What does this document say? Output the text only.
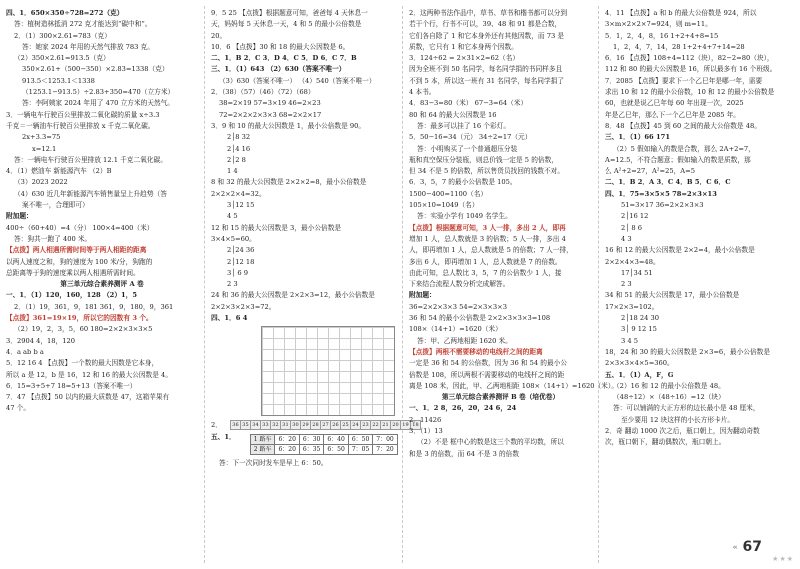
四、1．650×350÷728=272（克）
答：植树造林抵消 272 克才能达到“碳中和”。
2．（1）300×2.61=783（克）
答：她家 2024 年用的天然气排放 783 克。
（2）350×2.61=913.5（克）
350×2.61+（500−350）×2.83=1338（克）
913.5＜1253.1＜1338
（1253.1−913.5）÷2.83+350=470（立方米）
答：李阿姨家 2024 年用了 470 立方米的天然气。
3．一辆电车行驶百公里排放二氧化碳的质量 x÷3.3
千克＝一辆油车行驶百公里排放 x 千克二氧化碳。
2x+3.3=75
x=12.1
答：一辆电车行驶百公里排放 12.1 千克二氧化碳。
4．（1）燃油车 新能源汽车 （2）B
（3）2023 2022
（4）630 近几年新能源汽车销售量呈上升趋势（答
案不唯一，合理即可）
附加题：
400÷（60+40）=4（分） 100×4=400（米）
答：狗共一跑了 400 米。
【点拨】两人相遇所需时间等于两人相距的距离
以两人速度之和，狗的速度为 100 米/分，狗跑的
总距离等于狗的速度乘以两人相遇所需时间。
第三单元综合素养测评 A 卷
一、1．（1）120，160，128 （2）1，5
2．（1）19，361，9，181 361，9，180，9，361
【点拨】361=19×19，所以它的因数有 3 个。
（2）19，2，3，5，60 180=2×2×3×3×5
3．2904 4，18，120
4．a ab b a
5．12 16 4 【点拨】一个数的最大因数是它本身，
所以 a 是 12，b 是 16，12 和 16 的最大公因数是 4。
6．15=3+5+7 18=5+13（答案不唯一）
7．47 【点拨】50 以内的最大质数是 47，这箱苹果有
47 个。
9．5 25 【点拨】根据题意可知，爸爸每 4 天休息一
天，妈妈每 5 天休息一天，4 和 5 的最小公倍数是
20。
10．6 【点拨】30 和 18 的最大公因数是 6。
二、1．B 2．C 3．D 4．C 5．D 6．C 7．B
三、1．（1）643 （2）630（答案不唯一）
（3）630（答案不唯一） （4）540（答案不唯一）
2．（38）（57）（46）（72）（68）
38=2×19 57=3×19 46=2×23
72=2×2×2×3×3 68=2×2×17
3．9 和 10 的最大公因数是 1，最小公倍数是 90。
2│8 32
2│4 16
2│2 8
1 4
8 和 32 的最大公因数是 2×2×2=8，最小公倍数是
2×2×2×4=32。
3│12 15
4 5
12 和 15 的最大公因数是 3，最小公倍数是
3×4×5=60。
2│24 36
2│12 18
3│ 6 9
2 3
24 和 36 的最大公因数是 2×2×3=12，最小公倍数是
2×2×3×2×3=72。
四、1．6 4
2．	36 35 34 33 32 31 30 29 28 27 26 25 24 23 22 21 20 19 18
五、1．	1 路车	6：20	6：30	6：40	6：50	7：00
2 路车	6：20	6：35	6：50	7：05	7：20
答：下一次同时发车是早上 6：50。
2．这两种书法作品中，草书、草书和楷书都可以分到
若干个行，行书不可以，39、48 和 91 都是合数，
它们各自除了 1 和它本身外还有其他因数，而 73 是
质数，它只有 1 和它本身两个因数。
3．124÷62 = 2×31×2=62（名）
因为全班不到 50 名同学，每名同学捐的书同样多且
不到 5 本，所以这一班有 31 名同学，每名同学捐了
4 本书。
4．83−3=80（米） 67−3=64（米）
80 和 64 的最大公因数是 16
答：最多可以挂了 16 个彩灯。
5．50−16=34（元） 34÷2=17（元）
答：小明购买了一个普通超压分装
瓶和真空保压分装瓶，则总价钱一定是 5 的倍数，
但 34 不是 5 的倍数，所以售货员找回的钱数不对。
6．3，5，7 的最小公倍数是 105。
1500−400=1100（名）
105×10=1049（名）
答：实验小学有 1049 名学生。
【点拨】根据题意可知，3 人一排，多出 2 人，即再
增加 1 人，总人数就是 3 的倍数；5 人一排，多出 4
人，即再增加 1 人，总人数就是 5 的倍数；7 人一排，
多出 6 人，即再增加 1 人，总人数就是 7 的倍数。
由此可知，总人数比 3，5，7 的公倍数少 1 人，接
下来结合流程人数分析完成解答。
附加题：
36=2×2×3×3 54=2×3×3×3
36 和 54 的最小公倍数是 2×2×3×3×3=108
108×（14+1）=1620（米）
答：甲、乙两地相距 1620 米。
【点拨】两根不需要移动的电线杆之间的距离
一定是 36 和 54 的公倍数，因为 36 和 54 的最小公
倍数是 108，所以两根不需要移动的电线杆之间的距
离是 108 米，因此，甲、乙两地相距 108×（14+1）=1620（米）。
第三单元综合素养测评 B 卷（培优卷）
一、1．2 8，26，20，24 6，24
2．11426
3．（1）13
（2）不是 框中心的数是这三个数的平均数，所以
和是 3 的倍数，而 64 不是 3 的倍数
4．11 【点拨】a 和 b 的最大公倍数是 924，所以
3×m×2×2×7=924，则 m=11。
5．1，2，4，8，16 1+2+4+8=15
1，2，4，7，14，28 1+2+4+7+14=28
6．16 【点拨】108+4=112（块），82−2=80（块），
112 和 80 的最大公因数是 16，所以最多有 16 个班级。
7．2085 【点拨】要求下一个乙巳年是哪一年，需要
求出 10 和 12 的最小公倍数，10 和 12 的最小公倍数是
60，也就是说乙巳年每 60 年出现一次，2025
年是乙巳年，那么下一个乙巳年是 2085 年。
8．48 【点拨】45 到 60 之间的最大公倍数是 48。
三、1．（1）66 171
（2）5 假如输入的数是合数，那么 2A+2=7，
A=12.5，不符合题意；假如输入的数是质数，那
么 A²+2=27，A²=25，A=5
二、1．B 2．A 3．C 4．B 5．C 6．C
四、1．75=3×5×5 78=2×3×13
51=3×17 36=2×2×3×3
2│16 12
2│ 8 6
4 3
16 和 12 的最大公因数是 2×2=4，最小公倍数是
2×2×4×3=48。
17│34 51
2 3
34 和 51 的最大公因数是 17，最小公倍数是
17×2×3=102。
2│18 24 30
3│ 9 12 15
3 4 5
18，24 和 30 的最大公因数是 2×3=6，最小公倍数是
2×3×3×4×5=360。
五、1．（1）A，F，G
（2）16 和 12 的最小公倍数是 48。
（48÷12）×（48÷16）=12（块）
答：可以铺满的大正方形的边长最小是 48 厘米，
至少要用 12 块这样的小长方形卡片。
2．奇 翻动 1000 次之后，瓶口朝上，因为翻动奇数
次，瓶口朝下，翻动偶数次，瓶口朝上。
« 67
★★★
